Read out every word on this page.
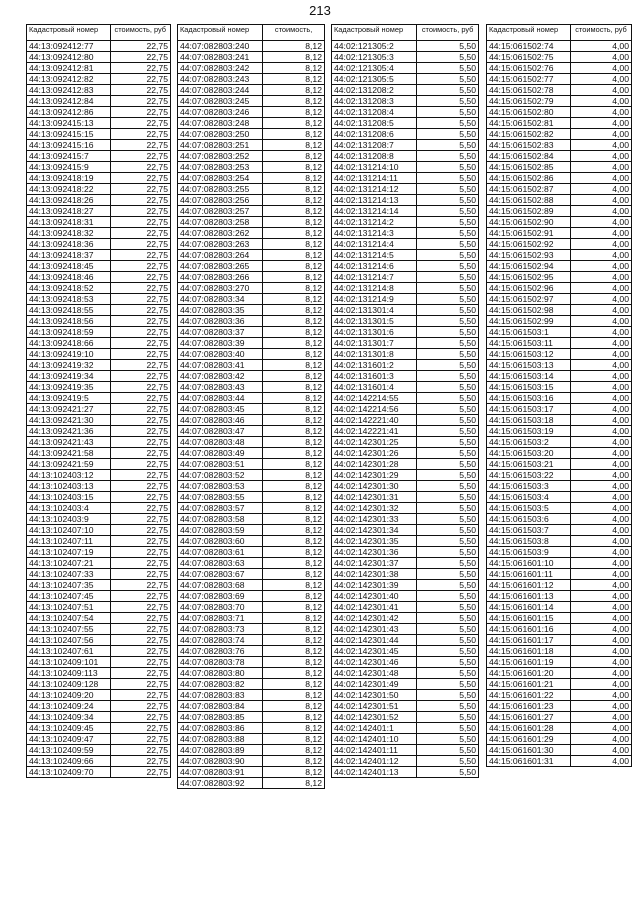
213
Кадастровый номер	стоимость, руб
44:13:092412:77	22,75
44:13:092412:80	22,75
44:13:092412:81	22,75
44:13:092412:82	22,75
44:13:092412:83	22,75
44:13:092412:84	22,75
44:13:092412:86	22,75
44:13:092415:13	22,75
44:13:092415:15	22,75
44:13:092415:16	22,75
44:13:092415:7	22,75
44:13:092415:9	22,75
44:13:092418:19	22,75
44:13:092418:22	22,75
44:13:092418:26	22,75
44:13:092418:27	22,75
44:13:092418:31	22,75
44:13:092418:32	22,75
44:13:092418:36	22,75
44:13:092418:37	22,75
44:13:092418:45	22,75
44:13:092418:46	22,75
44:13:092418:52	22,75
44:13:092418:53	22,75
44:13:092418:55	22,75
44:13:092418:56	22,75
44:13:092418:59	22,75
44:13:092418:66	22,75
44:13:092419:10	22,75
44:13:092419:32	22,75
44:13:092419:34	22,75
44:13:092419:35	22,75
44:13:092419:5	22,75
44:13:092421:27	22,75
44:13:092421:30	22,75
44:13:092421:36	22,75
44:13:092421:43	22,75
44:13:092421:58	22,75
44:13:092421:59	22,75
44:13:102403:12	22,75
44:13:102403:13	22,75
44:13:102403:15	22,75
44:13:102403:4	22,75
44:13:102403:9	22,75
44:13:102407:10	22,75
44:13:102407:11	22,75
44:13:102407:19	22,75
44:13:102407:21	22,75
44:13:102407:33	22,75
44:13:102407:35	22,75
44:13:102407:45	22,75
44:13:102407:51	22,75
44:13:102407:54	22,75
44:13:102407:55	22,75
44:13:102407:56	22,75
44:13:102407:61	22,75
44:13:102409:101	22,75
44:13:102409:113	22,75
44:13:102409:128	22,75
44:13:102409:20	22,75
44:13:102409:24	22,75
44:13:102409:34	22,75
44:13:102409:45	22,75
44:13:102409:47	22,75
44:13:102409:59	22,75
44:13:102409:66	22,75
44:13:102409:70	22,75
Кадастровый номер	стоимость,
44:07:082803:240	8,12
44:07:082803:241	8,12
44:07:082803:242	8,12
44:07:082803:243	8,12
44:07:082803:244	8,12
44:07:082803:245	8,12
44:07:082803:246	8,12
44:07:082803:248	8,12
44:07:082803:250	8,12
44:07:082803:251	8,12
44:07:082803:252	8,12
44:07:082803:253	8,12
44:07:082803:254	8,12
44:07:082803:255	8,12
44:07:082803:256	8,12
44:07:082803:257	8,12
44:07:082803:258	8,12
44:07:082803:262	8,12
44:07:082803:263	8,12
44:07:082803:264	8,12
44:07:082803:265	8,12
44:07:082803:266	8,12
44:07:082803:270	8,12
44:07:082803:34	8,12
44:07:082803:35	8,12
44:07:082803:36	8,12
44:07:082803:37	8,12
44:07:082803:39	8,12
44:07:082803:40	8,12
44:07:082803:41	8,12
44:07:082803:42	8,12
44:07:082803:43	8,12
44:07:082803:44	8,12
44:07:082803:45	8,12
44:07:082803:46	8,12
44:07:082803:47	8,12
44:07:082803:48	8,12
44:07:082803:49	8,12
44:07:082803:51	8,12
44:07:082803:52	8,12
44:07:082803:53	8,12
44:07:082803:55	8,12
44:07:082803:57	8,12
44:07:082803:58	8,12
44:07:082803:59	8,12
44:07:082803:60	8,12
44:07:082803:61	8,12
44:07:082803:63	8,12
44:07:082803:67	8,12
44:07:082803:68	8,12
44:07:082803:69	8,12
44:07:082803:70	8,12
44:07:082803:71	8,12
44:07:082803:73	8,12
44:07:082803:74	8,12
44:07:082803:76	8,12
44:07:082803:78	8,12
44:07:082803:80	8,12
44:07:082803:82	8,12
44:07:082803:83	8,12
44:07:082803:84	8,12
44:07:082803:85	8,12
44:07:082803:86	8,12
44:07:082803:88	8,12
44:07:082803:89	8,12
44:07:082803:90	8,12
44:07:082803:91	8,12
44:07:082803:92	8,12
Кадастровый номер	стоимость, руб
44:02:121305:2	5,50
44:02:121305:3	5,50
44:02:121305:4	5,50
44:02:121305:5	5,50
44:02:131208:2	5,50
44:02:131208:3	5,50
44:02:131208:4	5,50
44:02:131208:5	5,50
44:02:131208:6	5,50
44:02:131208:7	5,50
44:02:131208:8	5,50
44:02:131214:10	5,50
44:02:131214:11	5,50
44:02:131214:12	5,50
44:02:131214:13	5,50
44:02:131214:14	5,50
44:02:131214:2	5,50
44:02:131214:3	5,50
44:02:131214:4	5,50
44:02:131214:5	5,50
44:02:131214:6	5,50
44:02:131214:7	5,50
44:02:131214:8	5,50
44:02:131214:9	5,50
44:02:131301:4	5,50
44:02:131301:5	5,50
44:02:131301:6	5,50
44:02:131301:7	5,50
44:02:131301:8	5,50
44:02:131601:2	5,50
44:02:131601:3	5,50
44:02:131601:4	5,50
44:02:142214:55	5,50
44:02:142214:56	5,50
44:02:142221:40	5,50
44:02:142221:41	5,50
44:02:142301:25	5,50
44:02:142301:26	5,50
44:02:142301:28	5,50
44:02:142301:29	5,50
44:02:142301:30	5,50
44:02:142301:31	5,50
44:02:142301:32	5,50
44:02:142301:33	5,50
44:02:142301:34	5,50
44:02:142301:35	5,50
44:02:142301:36	5,50
44:02:142301:37	5,50
44:02:142301:38	5,50
44:02:142301:39	5,50
44:02:142301:40	5,50
44:02:142301:41	5,50
44:02:142301:42	5,50
44:02:142301:43	5,50
44:02:142301:44	5,50
44:02:142301:45	5,50
44:02:142301:46	5,50
44:02:142301:48	5,50
44:02:142301:49	5,50
44:02:142301:50	5,50
44:02:142301:51	5,50
44:02:142301:52	5,50
44:02:142401:1	5,50
44:02:142401:10	5,50
44:02:142401:11	5,50
44:02:142401:12	5,50
44:02:142401:13	5,50
Кадастровый номер	стоимость, руб
44:15:061502:74	4,00
44:15:061502:75	4,00
44:15:061502:76	4,00
44:15:061502:77	4,00
44:15:061502:78	4,00
44:15:061502:79	4,00
44:15:061502:80	4,00
44:15:061502:81	4,00
44:15:061502:82	4,00
44:15:061502:83	4,00
44:15:061502:84	4,00
44:15:061502:85	4,00
44:15:061502:86	4,00
44:15:061502:87	4,00
44:15:061502:88	4,00
44:15:061502:89	4,00
44:15:061502:90	4,00
44:15:061502:91	4,00
44:15:061502:92	4,00
44:15:061502:93	4,00
44:15:061502:94	4,00
44:15:061502:95	4,00
44:15:061502:96	4,00
44:15:061502:97	4,00
44:15:061502:98	4,00
44:15:061502:99	4,00
44:15:061503:1	4,00
44:15:061503:11	4,00
44:15:061503:12	4,00
44:15:061503:13	4,00
44:15:061503:14	4,00
44:15:061503:15	4,00
44:15:061503:16	4,00
44:15:061503:17	4,00
44:15:061503:18	4,00
44:15:061503:19	4,00
44:15:061503:2	4,00
44:15:061503:20	4,00
44:15:061503:21	4,00
44:15:061503:22	4,00
44:15:061503:3	4,00
44:15:061503:4	4,00
44:15:061503:5	4,00
44:15:061503:6	4,00
44:15:061503:7	4,00
44:15:061503:8	4,00
44:15:061503:9	4,00
44:15:061601:10	4,00
44:15:061601:11	4,00
44:15:061601:12	4,00
44:15:061601:13	4,00
44:15:061601:14	4,00
44:15:061601:15	4,00
44:15:061601:16	4,00
44:15:061601:17	4,00
44:15:061601:18	4,00
44:15:061601:19	4,00
44:15:061601:20	4,00
44:15:061601:21	4,00
44:15:061601:22	4,00
44:15:061601:23	4,00
44:15:061601:27	4,00
44:15:061601:28	4,00
44:15:061601:29	4,00
44:15:061601:30	4,00
44:15:061601:31	4,00
